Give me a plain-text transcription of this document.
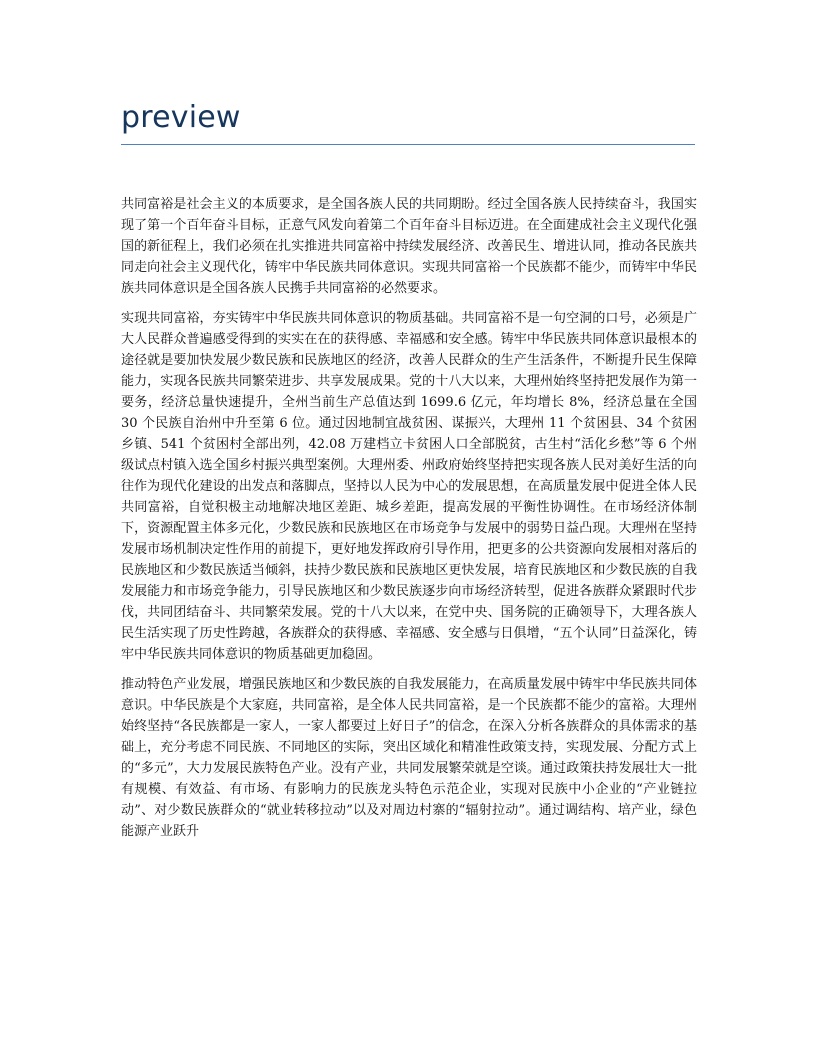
preview

共同富裕是社会主义的本质要求，是全国各族人民的共同期盼。经过全国各族人民持续奋斗，我国实现了第一个百年奋斗目标，正意气风发向着第二个百年奋斗目标迈进。在全面建成社会主义现代化强国的新征程上，我们必须在扎实推进共同富裕中持续发展经济、改善民生、增进认同，推动各民族共同走向社会主义现代化，铸牢中华民族共同体意识。实现共同富裕一个民族都不能少，而铸牢中华民族共同体意识是全国各族人民携手共同富裕的必然要求。

实现共同富裕，夯实铸牢中华民族共同体意识的物质基础。共同富裕不是一句空洞的口号，必须是广大人民群众普遍感受得到的实实在在的获得感、幸福感和安全感。铸牢中华民族共同体意识最根本的途径就是要加快发展少数民族和民族地区的经济，改善人民群众的生产生活条件，不断提升民生保障能力，实现各民族共同繁荣进步、共享发展成果。党的十八大以来，大理州始终坚持把发展作为第一要务，经济总量快速提升，全州当前生产总值达到 1699.6 亿元，年均增长 8%，经济总量在全国 30 个民族自治州中升至第 6 位。通过因地制宜战贫困、谋振兴，大理州 11 个贫困县、34 个贫困乡镇、541 个贫困村全部出列，42.08 万建档立卡贫困人口全部脱贫，古生村“活化乡愁”等 6 个州级试点村镇入选全国乡村振兴典型案例。大理州委、州政府始终坚持把实现各族人民对美好生活的向往作为现代化建设的出发点和落脚点，坚持以人民为中心的发展思想，在高质量发展中促进全体人民共同富裕，自觉积极主动地解决地区差距、城乡差距，提高发展的平衡性协调性。在市场经济体制下，资源配置主体多元化，少数民族和民族地区在市场竞争与发展中的弱势日益凸现。大理州在坚持发展市场机制决定性作用的前提下，更好地发挥政府引导作用，把更多的公共资源向发展相对落后的民族地区和少数民族适当倾斜，扶持少数民族和民族地区更快发展，培育民族地区和少数民族的自我发展能力和市场竞争能力，引导民族地区和少数民族逐步向市场经济转型，促进各族群众紧跟时代步伐，共同团结奋斗、共同繁荣发展。党的十八大以来，在党中央、国务院的正确领导下，大理各族人民生活实现了历史性跨越，各族群众的获得感、幸福感、安全感与日俱增，“五个认同”日益深化，铸牢中华民族共同体意识的物质基础更加稳固。

推动特色产业发展，增强民族地区和少数民族的自我发展能力，在高质量发展中铸牢中华民族共同体意识。中华民族是个大家庭，共同富裕，是全体人民共同富裕，是一个民族都不能少的富裕。大理州始终坚持“各民族都是一家人，一家人都要过上好日子”的信念，在深入分析各族群众的具体需求的基础上，充分考虑不同民族、不同地区的实际，突出区域化和精准性政策支持，实现发展、分配方式上的“多元”，大力发展民族特色产业。没有产业，共同发展繁荣就是空谈。通过政策扶持发展壮大一批有规模、有效益、有市场、有影响力的民族龙头特色示范企业，实现对民族中小企业的“产业链拉动”、对少数民族群众的“就业转移拉动”以及对周边村寨的“辐射拉动”。通过调结构、培产业，绿色能源产业跃升
